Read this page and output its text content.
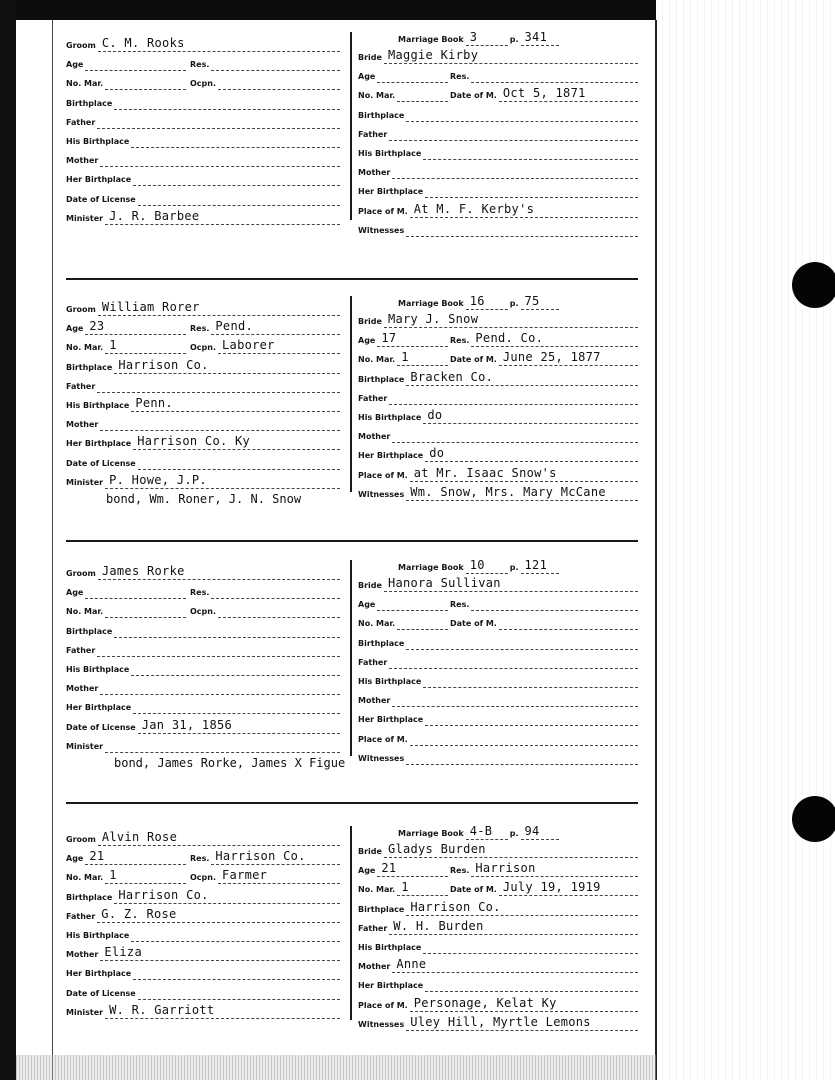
Marriage Book 3	p. 341
Groom C. M. Rooks
Age	Res.
No. Mar.	Ocpn.
Birthplace
Father
His Birthplace
Mother
Her Birthplace
Date of License
Minister J. R. Barbee
Bride Maggie Kirby
Age	Res.
No. Mar.	Date of M. Oct 5, 1871
Birthplace
Father
His Birthplace
Mother
Her Birthplace
Place of M. At M. F. Kerby's
Witnesses
Marriage Book 16	p. 75
Groom William Rorer
Age 23	Res. Pend.
No. Mar. 1	Ocpn. Laborer
Birthplace Harrison Co.
Father
His Birthplace Penn.
Mother
Her Birthplace Harrison Co. Ky
Date of License
Minister P. Howe, J.P.
Bride Mary J. Snow
Age 17	Res. Pend. Co.
No. Mar. 1	Date of M. June 25, 1877
Birthplace Bracken Co.
Father
His Birthplace do
Mother
Her Birthplace do
Place of M. at Mr. Isaac Snow's
Witnesses Wm. Snow, Mrs. Mary McCane
bond, Wm. Roner, J. N. Snow
Marriage Book 10	p. 121
Groom James Rorke
Age	Res.
No. Mar.	Ocpn.
Birthplace
Father
His Birthplace
Mother
Her Birthplace
Date of License Jan 31, 1856
Minister
Bride Hanora Sullivan
Age	Res.
No. Mar.	Date of M.
Birthplace
Father
His Birthplace
Mother
Her Birthplace
Place of M.
Witnesses
bond, James Rorke, James X Figue
Marriage Book 4-B p. 94
Groom Alvin Rose
Age 21	Res. Harrison Co.
No. Mar. 1	Ocpn. Farmer
Birthplace Harrison Co.
Father G. Z. Rose
His Birthplace
Mother Eliza
Her Birthplace
Date of License
Minister W. R. Garriott
Bride Gladys Burden
Age 21	Res. Harrison
No. Mar. 1	Date of M. July 19, 1919
Birthplace Harrison Co.
Father W. H. Burden
His Birthplace
Mother Anne
Her Birthplace
Place of M. Personage, Kelat Ky
Witnesses Uley Hill, Myrtle Lemons
